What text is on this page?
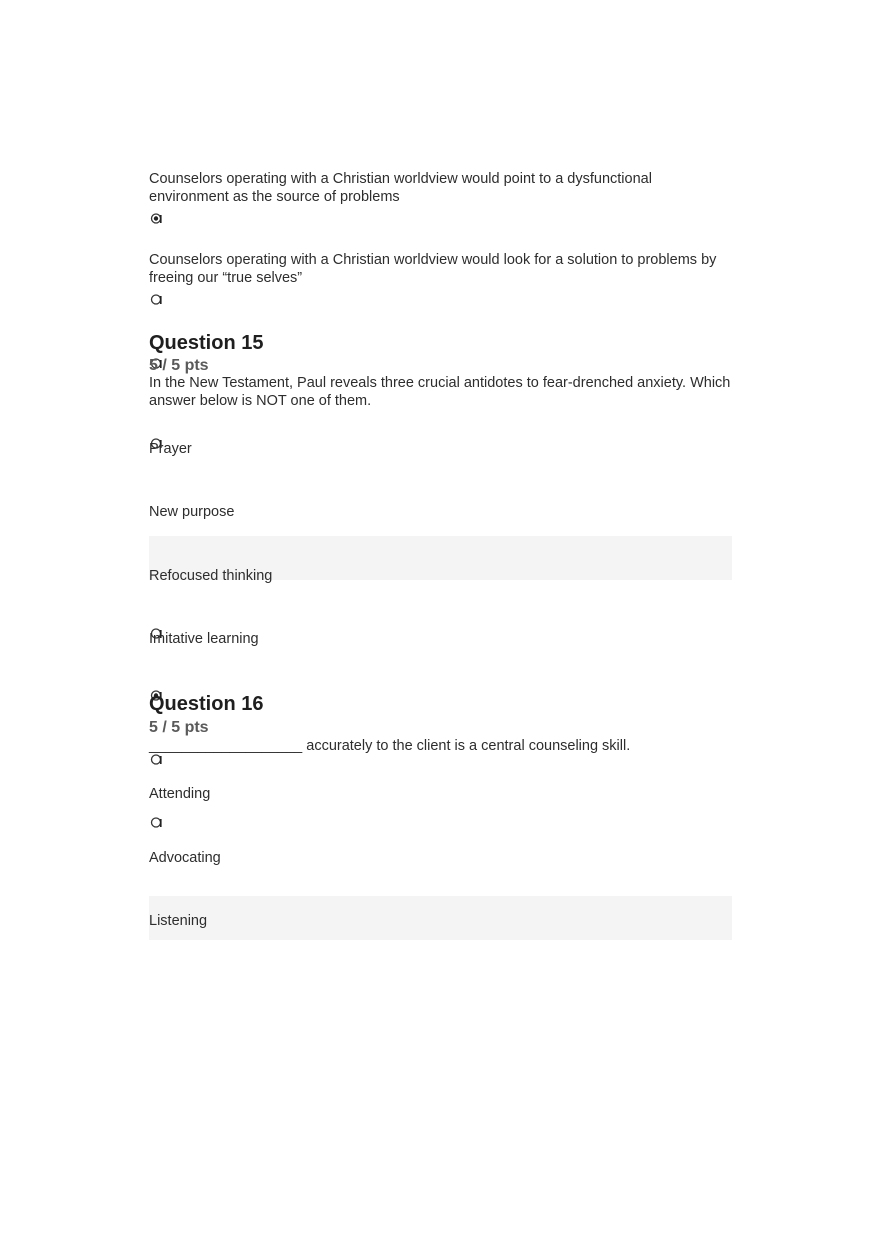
Counselors operating with a Christian worldview would point to a dysfunctional environment as the source of problems

Counselors operating with a Christian worldview would look for a solution to problems by freeing our “true selves”

Question 15
5 / 5 pts

In the New Testament, Paul reveals three crucial antidotes to fear-drenched anxiety. Which answer below is NOT one of them.

Prayer

New purpose

Refocused thinking

Imitative learning

Question 16
5 / 5 pts

___________________ accurately to the client is a central counseling skill.

Attending

Advocating

Listening
